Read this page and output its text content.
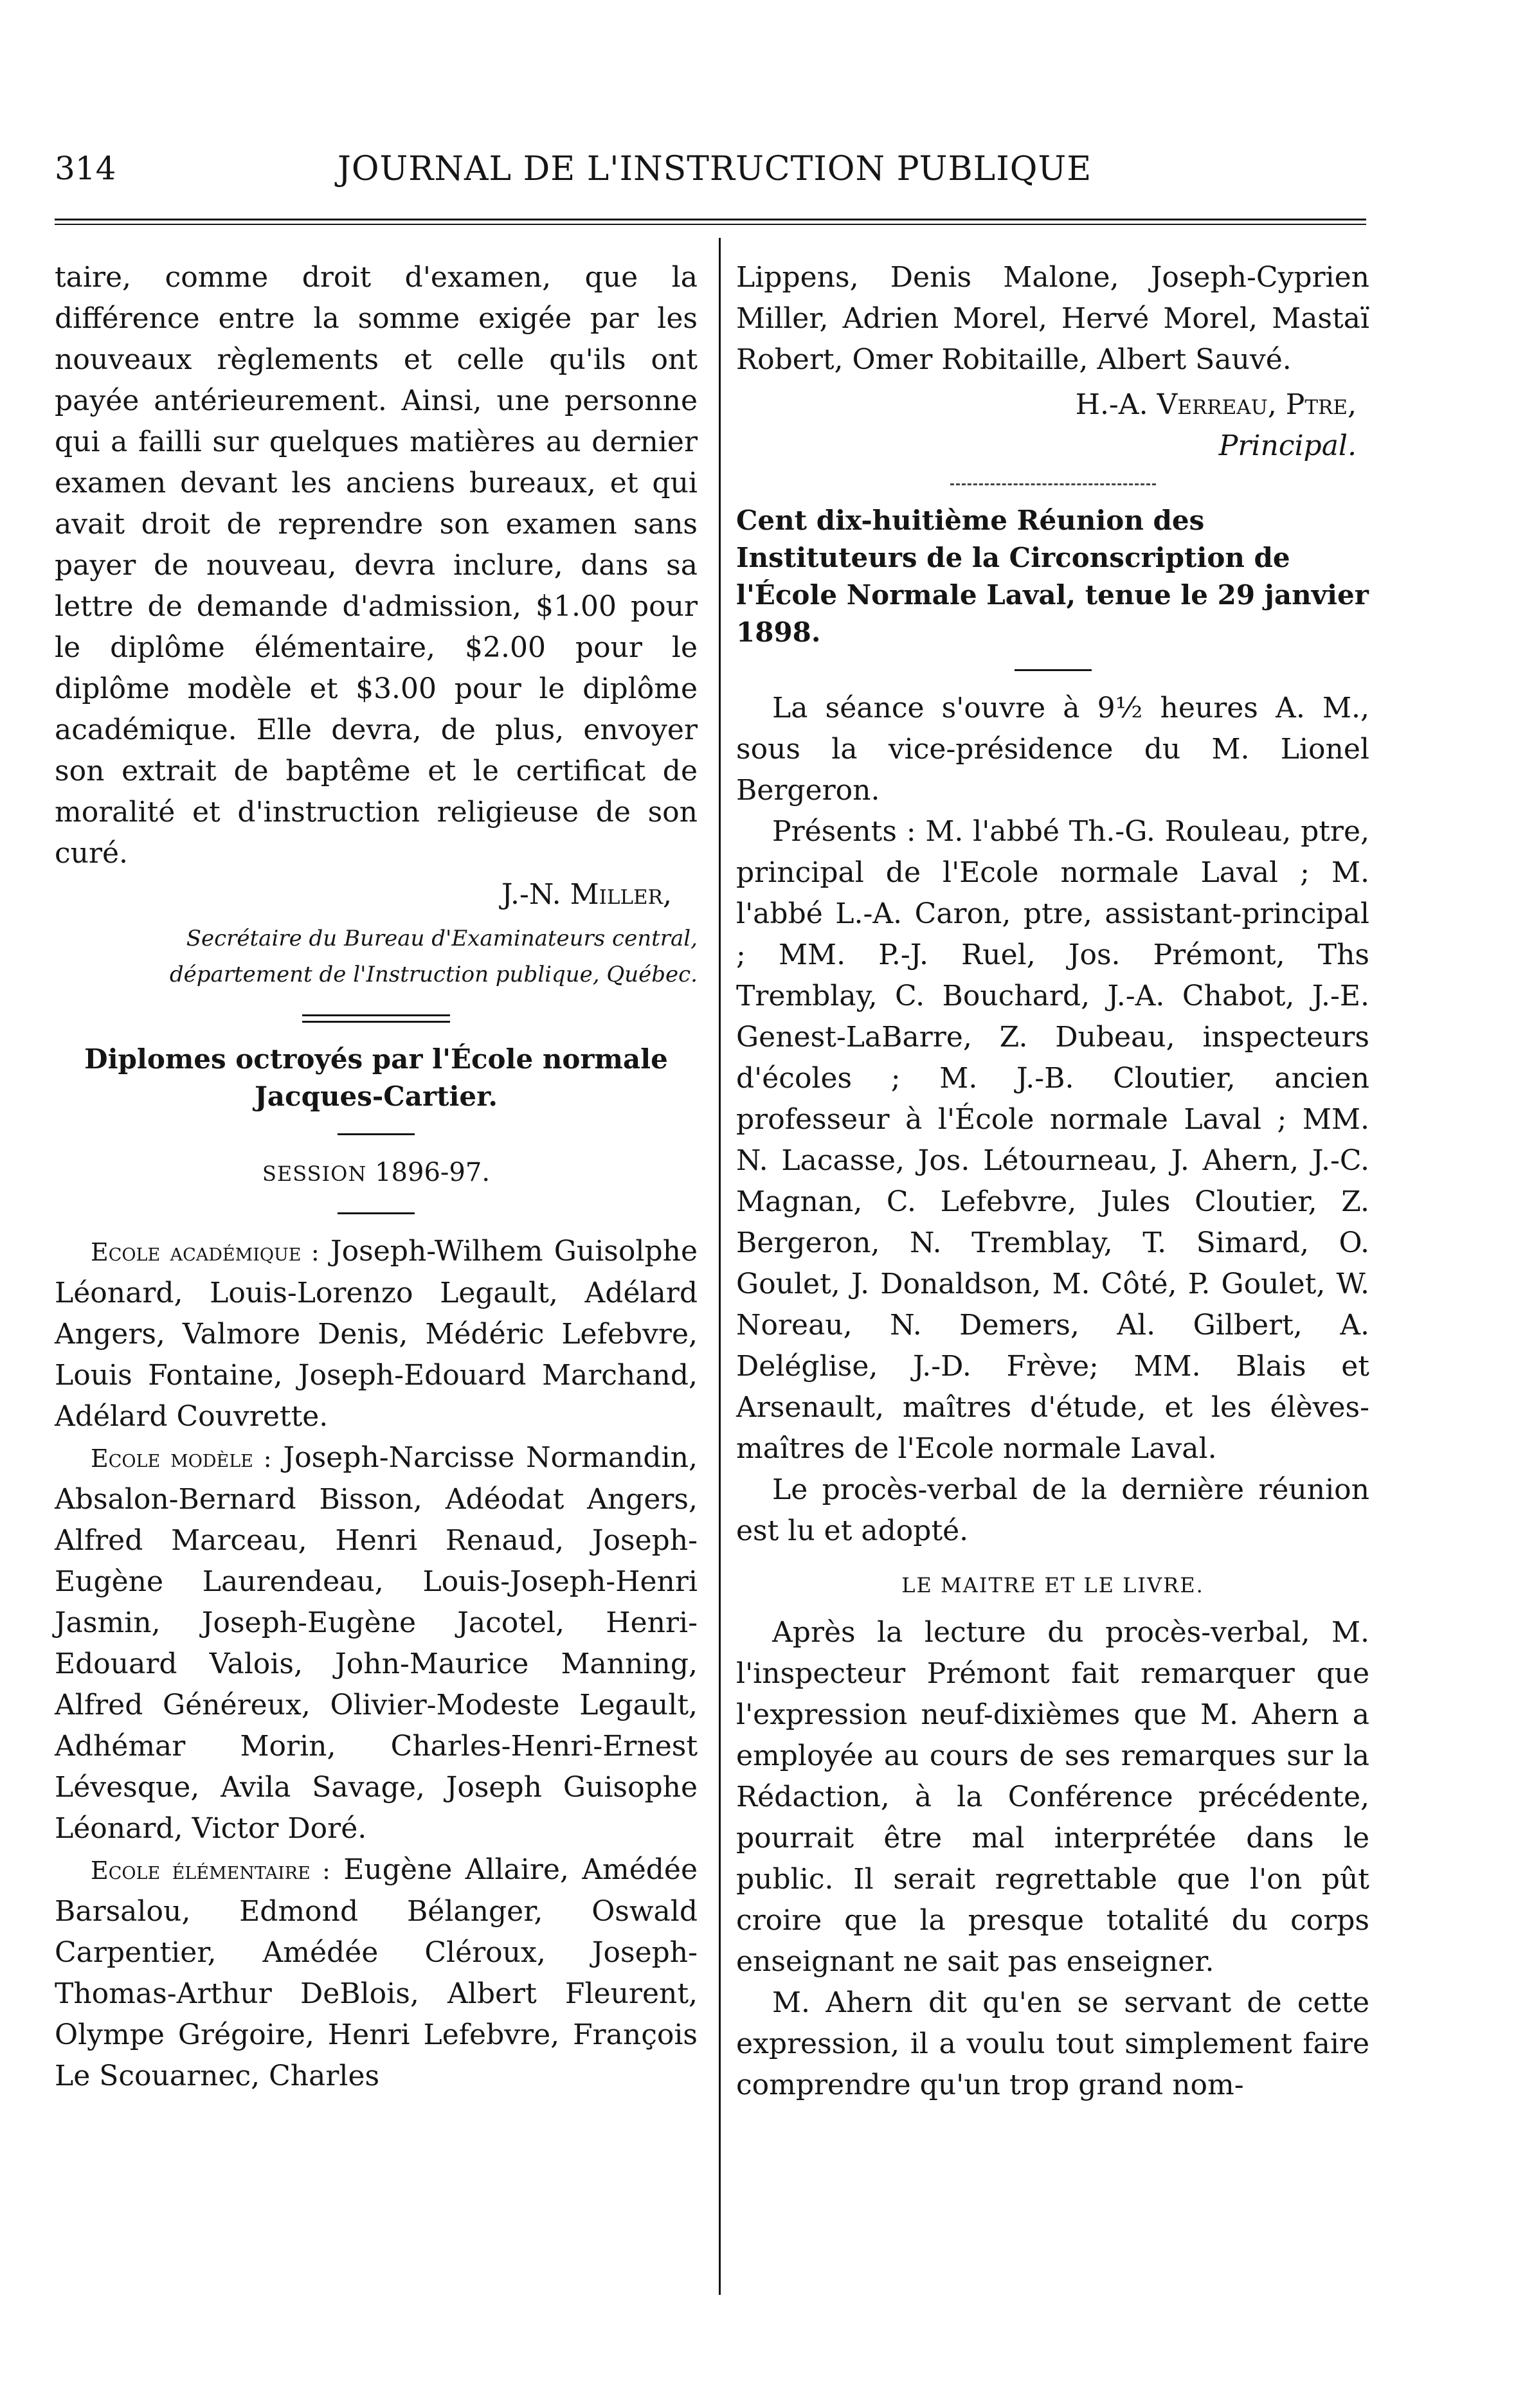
314	JOURNAL DE L'INSTRUCTION PUBLIQUE

taire, comme droit d'examen, que la différence entre la somme exigée par les nouveaux règlements et celle qu'ils ont payée antérieurement. Ainsi, une personne qui a failli sur quelques matières au dernier examen devant les anciens bureaux, et qui avait droit de reprendre son examen sans payer de nouveau, devra inclure, dans sa lettre de demande d'admission, $1.00 pour le diplôme élémentaire, $2.00 pour le diplôme modèle et $3.00 pour le diplôme académique. Elle devra, de plus, envoyer son extrait de baptême et le certificat de moralité et d'instruction religieuse de son curé.

J.-N. Miller,

Secrétaire du Bureau d'Examinateurs central, département de l'Instruction publique, Québec.

Diplomes octroyés par l'École normale Jacques-Cartier.

SESSION 1896-97.

Ecole académique : Joseph-Wilhem Guisolphe Léonard, Louis-Lorenzo Legault, Adélard Angers, Valmore Denis, Médéric Lefebvre, Louis Fontaine, Joseph-Edouard Marchand, Adélard Couvrette.

Ecole modèle : Joseph-Narcisse Normandin, Absalon-Bernard Bisson, Adéodat Angers, Alfred Marceau, Henri Renaud, Joseph-Eugène Laurendeau, Louis-Joseph-Henri Jasmin, Joseph-Eugène Jacotel, Henri-Edouard Valois, John-Maurice Manning, Alfred Généreux, Olivier-Modeste Legault, Adhémar Morin, Charles-Henri-Ernest Lévesque, Avila Savage, Joseph Guisophe Léonard, Victor Doré.

Ecole élémentaire : Eugène Allaire, Amédée Barsalou, Edmond Bélanger, Oswald Carpentier, Amédée Cléroux, Joseph-Thomas-Arthur DeBlois, Albert Fleurent, Olympe Grégoire, Henri Lefebvre, François Le Scouarnec, Charles

Lippens, Denis Malone, Joseph-Cyprien Miller, Adrien Morel, Hervé Morel, Mastaï Robert, Omer Robitaille, Albert Sauvé.

H.-A. Verreau, Ptre,

Principal.

Cent dix-huitième Réunion des Instituteurs de la Circonscription de l'École Normale Laval, tenue le 29 janvier 1898.

La séance s'ouvre à 9½ heures A. M., sous la vice-présidence du M. Lionel Bergeron.

Présents : M. l'abbé Th.-G. Rouleau, ptre, principal de l'Ecole normale Laval ; M. l'abbé L.-A. Caron, ptre, assistant-principal ; MM. P.-J. Ruel, Jos. Prémont, Ths Tremblay, C. Bouchard, J.-A. Chabot, J.-E. Genest-LaBarre, Z. Dubeau, inspecteurs d'écoles ; M. J.-B. Cloutier, ancien professeur à l'École normale Laval ; MM. N. Lacasse, Jos. Létourneau, J. Ahern, J.-C. Magnan, C. Lefebvre, Jules Cloutier, Z. Bergeron, N. Tremblay, T. Simard, O. Goulet, J. Donaldson, M. Côté, P. Goulet, W. Noreau, N. Demers, Al. Gilbert, A. Deléglise, J.-D. Frève; MM. Blais et Arsenault, maîtres d'étude, et les élèves-maîtres de l'Ecole normale Laval.

Le procès-verbal de la dernière réunion est lu et adopté.

LE MAITRE ET LE LIVRE.

Après la lecture du procès-verbal, M. l'inspecteur Prémont fait remarquer que l'expression neuf-dixièmes que M. Ahern a employée au cours de ses remarques sur la Rédaction, à la Conférence précédente, pourrait être mal interprétée dans le public. Il serait regrettable que l'on pût croire que la presque totalité du corps enseignant ne sait pas enseigner.

M. Ahern dit qu'en se servant de cette expression, il a voulu tout simplement faire comprendre qu'un trop grand nom-
